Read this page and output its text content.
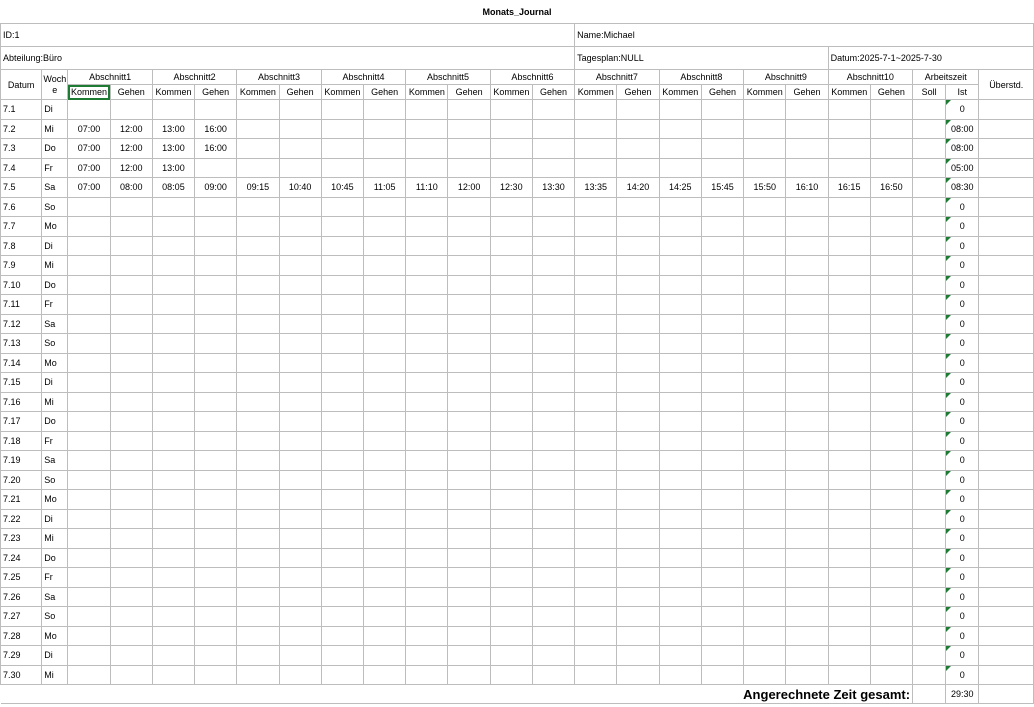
Monats_Journal																								
ID:1														Name:Michael										
Abteilung:Büro														Tagesplan:NULL						Datum:2025-7-1~2025-7-30				
Datum	Woch e	Abschnitt1		Abschnitt2		Abschnitt3		Abschnitt4		Abschnitt5		Abschnitt6		Abschnitt7		Abschnitt8		Abschnitt9		Abschnitt10		Arbeitszeit		Überstd.
		Kommen	Gehen	Kommen	Gehen	Kommen	Gehen	Kommen	Gehen	Kommen	Gehen	Kommen	Gehen	Kommen	Gehen	Kommen	Gehen	Kommen	Gehen	Kommen	Gehen	Soll	Ist	
7.1	Di																						0	
7.2	Mi	07:00	12:00	13:00	16:00																		08:00	
7.3	Do	07:00	12:00	13:00	16:00																		08:00	
7.4	Fr	07:00	12:00	13:00																			05:00	
7.5	Sa	07:00	08:00	08:05	09:00	09:15	10:40	10:45	11:05	11:10	12:00	12:30	13:30	13:35	14:20	14:25	15:45	15:50	16:10	16:15	16:50		08:30	
7.6	So																						0	
7.7	Mo																						0	
7.8	Di																						0	
7.9	Mi																						0	
7.10	Do																						0	
7.11	Fr																						0	
7.12	Sa																						0	
7.13	So																						0	
7.14	Mo																						0	
7.15	Di																						0	
7.16	Mi																						0	
7.17	Do																						0	
7.18	Fr																						0	
7.19	Sa																						0	
7.20	So																						0	
7.21	Mo																						0	
7.22	Di																						0	
7.23	Mi																						0	
7.24	Do																						0	
7.25	Fr																						0	
7.26	Sa																						0	
7.27	So																						0	
7.28	Mo																						0	
7.29	Di																						0	
7.30	Mi																						0	
Angerechnete Zeit gesamt:																							29:30	
